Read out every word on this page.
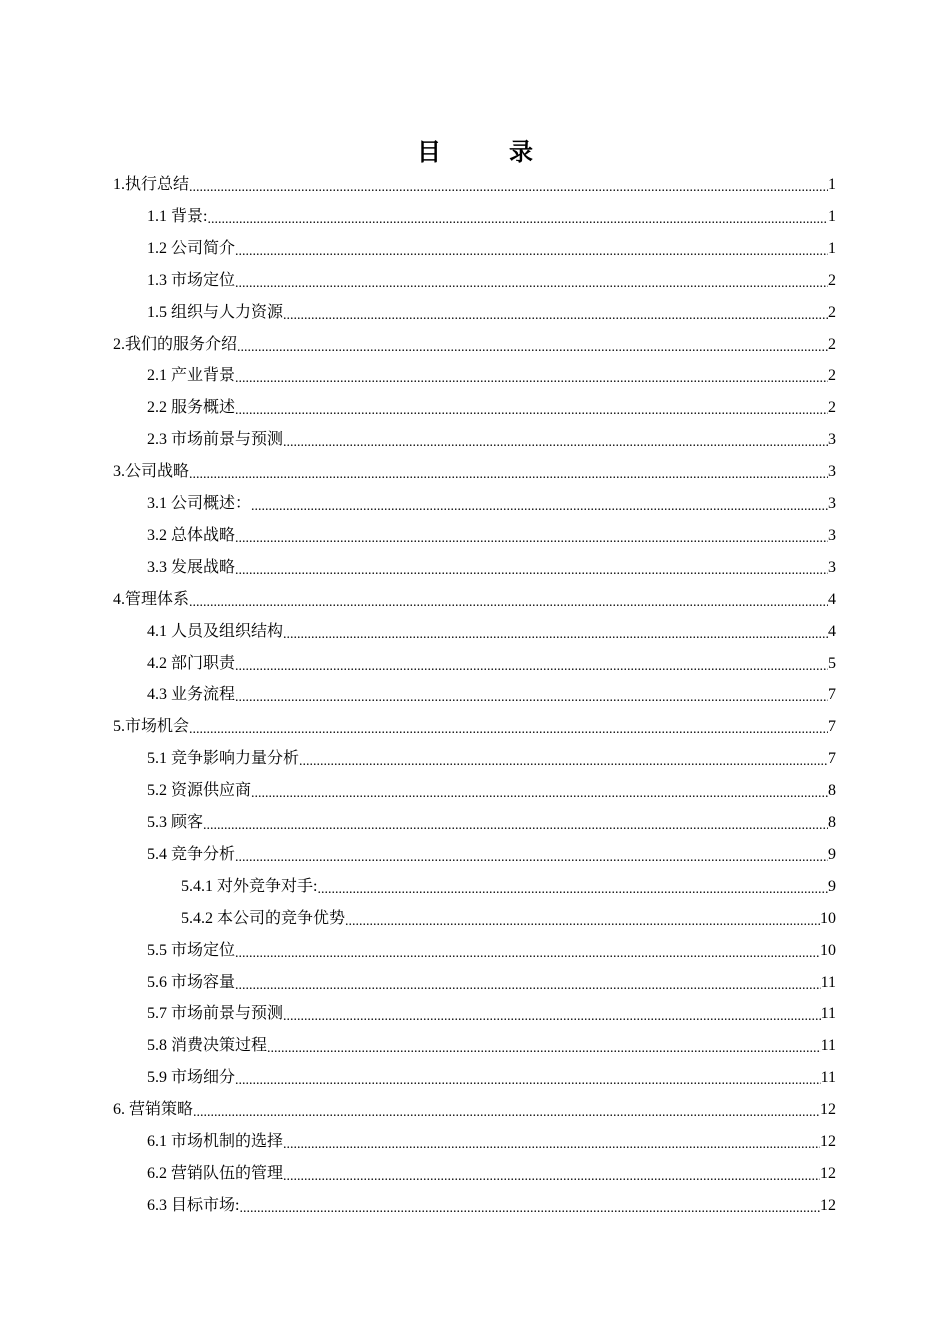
目　录
1.执行总结 .....	1
1.1 背景: .....	1
1.2 公司简介 .....	1
1.3 市场定位 .....	2
1.5 组织与人力资源 .....	2
2.我们的服务介绍 .....	2
2.1 产业背景 .....	2
2.2 服务概述 .....	2
2.3 市场前景与预测 .....	3
3.公司战略 .....	3
3.1 公司概述： .....	3
3.2 总体战略 .....	3
3.3 发展战略 .....	3
4.管理体系 .....	4
4.1 人员及组织结构 .....	4
4.2 部门职责 .....	5
4.3 业务流程 .....	7
5.市场机会 .....	7
5.1 竞争影响力量分析 .....	7
5.2 资源供应商 .....	8
5.3 顾客 .....	8
5.4 竞争分析 .....	9
5.4.1 对外竞争对手: .....	9
5.4.2 本公司的竞争优势 .....	10
5.5 市场定位 .....	10
5.6 市场容量 .....	11
5.7 市场前景与预测 .....	11
5.8 消费决策过程 .....	11
5.9 市场细分 .....	11
6. 营销策略 .....	12
6.1 市场机制的选择 .....	12
6.2 营销队伍的管理 .....	12
6.3 目标市场: .....	12
